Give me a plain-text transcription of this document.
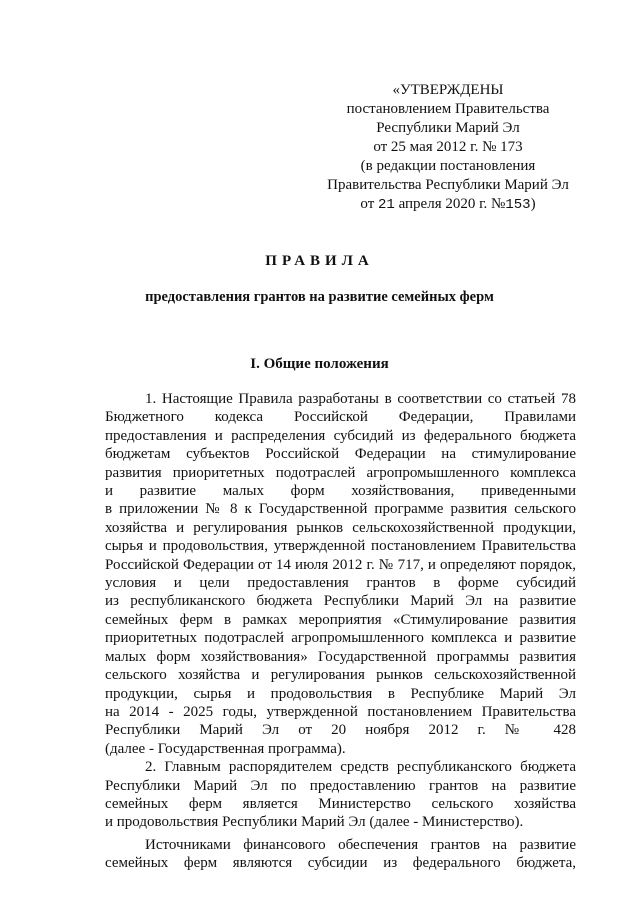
«УТВЕРЖДЕНЫ
постановлением Правительства
Республики Марий Эл
от 25 мая 2012 г. № 173
(в редакции постановления
Правительства Республики Марий Эл
от 21 апреля 2020 г. №153)
ПРАВИЛА
предоставления грантов на развитие семейных ферм
I. Общие положения
1. Настоящие Правила разработаны в соответствии со статьей 78
Бюджетного кодекса Российской Федерации, Правилами
предоставления и распределения субсидий из федерального бюджета
бюджетам субъектов Российской Федерации на стимулирование
развития приоритетных подотраслей агропромышленного комплекса
и развитие малых форм хозяйствования, приведенными
в приложении № 8 к Государственной программе развития сельского
хозяйства и регулирования рынков сельскохозяйственной продукции,
сырья и продовольствия, утвержденной постановлением Правительства
Российской Федерации от 14 июля 2012 г. № 717, и определяют порядок,
условия и цели предоставления грантов в форме субсидий
из республиканского бюджета Республики Марий Эл на развитие
семейных ферм в рамках мероприятия «Стимулирование развития
приоритетных подотраслей агропромышленного комплекса и развитие
малых форм хозяйствования» Государственной программы развития
сельского хозяйства и регулирования рынков сельскохозяйственной
продукции, сырья и продовольствия в Республике Марий Эл
на 2014 - 2025 годы, утвержденной постановлением Правительства
Республики Марий Эл от 20 ноября 2012 г. № 428
(далее - Государственная программа).
2. Главным распорядителем средств республиканского бюджета
Республики Марий Эл по предоставлению грантов на развитие
семейных ферм является Министерство сельского хозяйства
и продовольствия Республики Марий Эл (далее - Министерство).
Источниками финансового обеспечения грантов на развитие
семейных ферм являются субсидии из федерального бюджета,
